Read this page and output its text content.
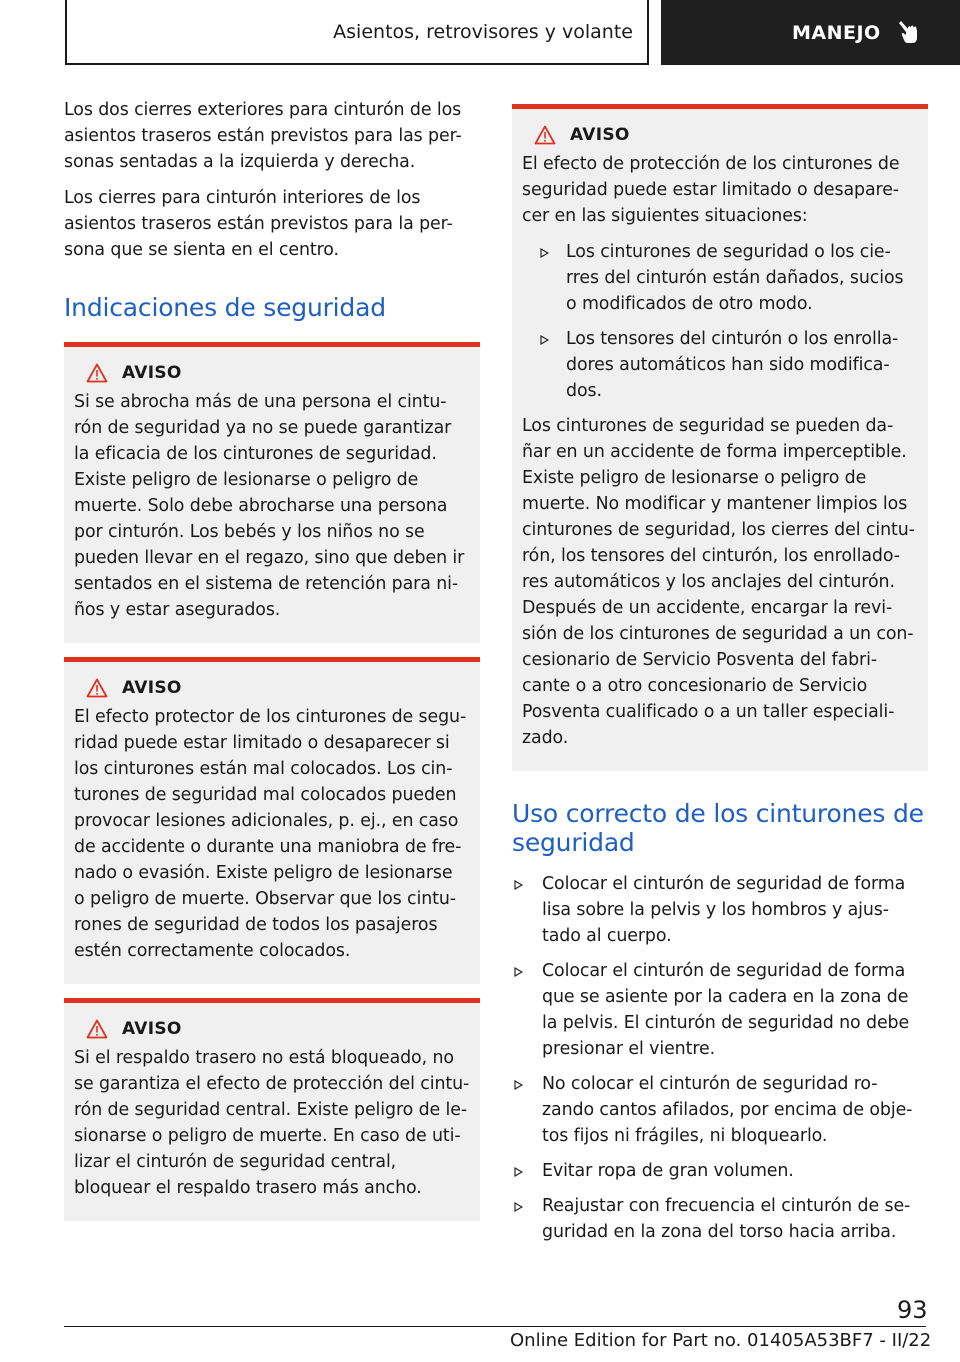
Asientos, retrovisores y volante	MANEJO

Los dos cierres exteriores para cinturón de los
asientos traseros están previstos para las per-
sonas sentadas a la izquierda y derecha.

Los cierres para cinturón interiores de los
asientos traseros están previstos para la per-
sona que se sienta en el centro.

Indicaciones de seguridad
AVISO

Si se abrocha más de una persona el cintu-
rón de seguridad ya no se puede garantizar
la eficacia de los cinturones de seguridad.
Existe peligro de lesionarse o peligro de
muerte. Solo debe abrocharse una persona
por cinturón. Los bebés y los niños no se
pueden llevar en el regazo, sino que deben ir
sentados en el sistema de retención para ni-
ños y estar asegurados.

AVISO

El efecto protector de los cinturones de segu-
ridad puede estar limitado o desaparecer si
los cinturones están mal colocados. Los cin-
turones de seguridad mal colocados pueden
provocar lesiones adicionales, p. ej., en caso
de accidente o durante una maniobra de fre-
nado o evasión. Existe peligro de lesionarse
o peligro de muerte. Observar que los cintu-
rones de seguridad de todos los pasajeros
estén correctamente colocados.

AVISO

Si el respaldo trasero no está bloqueado, no
se garantiza el efecto de protección del cintu-
rón de seguridad central. Existe peligro de le-
sionarse o peligro de muerte. En caso de uti-
lizar el cinturón de seguridad central,
bloquear el respaldo trasero más ancho.

AVISO

El efecto de protección de los cinturones de
seguridad puede estar limitado o desapare-
cer en las siguientes situaciones:

Los cinturones de seguridad o los cie-
rres del cinturón están dañados, sucios
o modificados de otro modo.
Los tensores del cinturón o los enrolla-
dores automáticos han sido modifica-
dos.

Los cinturones de seguridad se pueden da-
ñar en un accidente de forma imperceptible.
Existe peligro de lesionarse o peligro de
muerte. No modificar y mantener limpios los
cinturones de seguridad, los cierres del cintu-
rón, los tensores del cinturón, los enrollado-
res automáticos y los anclajes del cinturón.
Después de un accidente, encargar la revi-
sión de los cinturones de seguridad a un con-
cesionario de Servicio Posventa del fabri-
cante o a otro concesionario de Servicio
Posventa cualificado o a un taller especiali-
zado.

Uso correcto de los cinturones de
seguridad
Colocar el cinturón de seguridad de forma
lisa sobre la pelvis y los hombros y ajus-
tado al cuerpo.
Colocar el cinturón de seguridad de forma
que se asiente por la cadera en la zona de
la pelvis. El cinturón de seguridad no debe
presionar el vientre.
No colocar el cinturón de seguridad ro-
zando cantos afilados, por encima de obje-
tos fijos ni frágiles, ni bloquearlo.
Evitar ropa de gran volumen.
Reajustar con frecuencia el cinturón de se-
guridad en la zona del torso hacia arriba.
93
Online Edition for Part no. 01405A53BF7 - II/22
